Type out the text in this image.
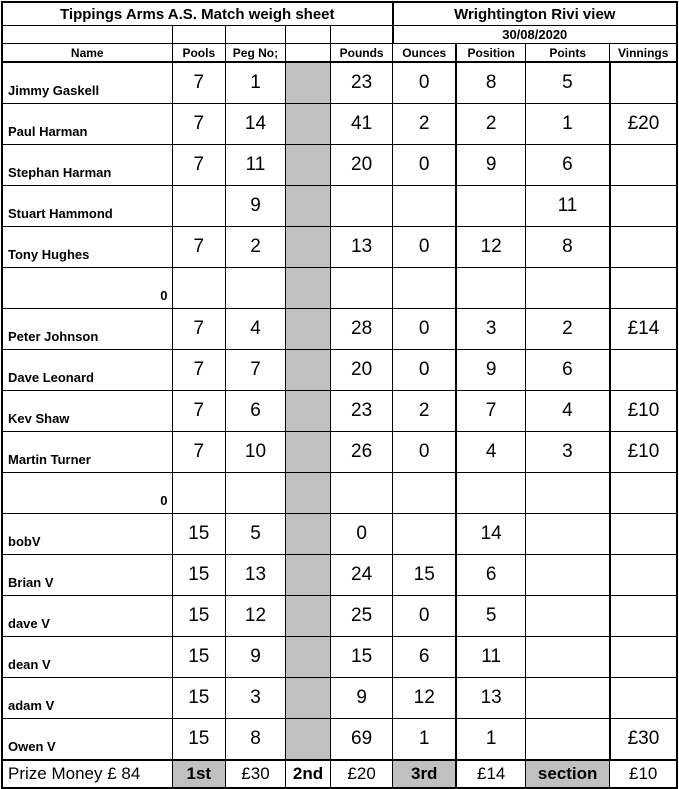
Tippings Arms A.S. Match weigh sheet					Wrightington Rivi view			
					30/08/2020			
Name	Pools	Peg No;		Pounds	Ounces	Position	Points	Vinnings
Jimmy Gaskell	7	1		23	0	8	5	
Paul Harman	7	14		41	2	2	1	£20
Stephan Harman	7	11		20	0	9	6	
Stuart Hammond		9					11	
Tony Hughes	7	2		13	0	12	8	
0								
Peter Johnson	7	4		28	0	3	2	£14
Dave Leonard	7	7		20	0	9	6	
Kev Shaw	7	6		23	2	7	4	£10
Martin Turner	7	10		26	0	4	3	£10
0								
bobV	15	5		0		14		
Brian V	15	13		24	15	6		
dave V	15	12		25	0	5		
dean V	15	9		15	6	11		
adam V	15	3		9	12	13		
Owen V	15	8		69	1	1		£30
Prize Money £ 84	1st	£30	2nd	£20	3rd	£14	section	£10
